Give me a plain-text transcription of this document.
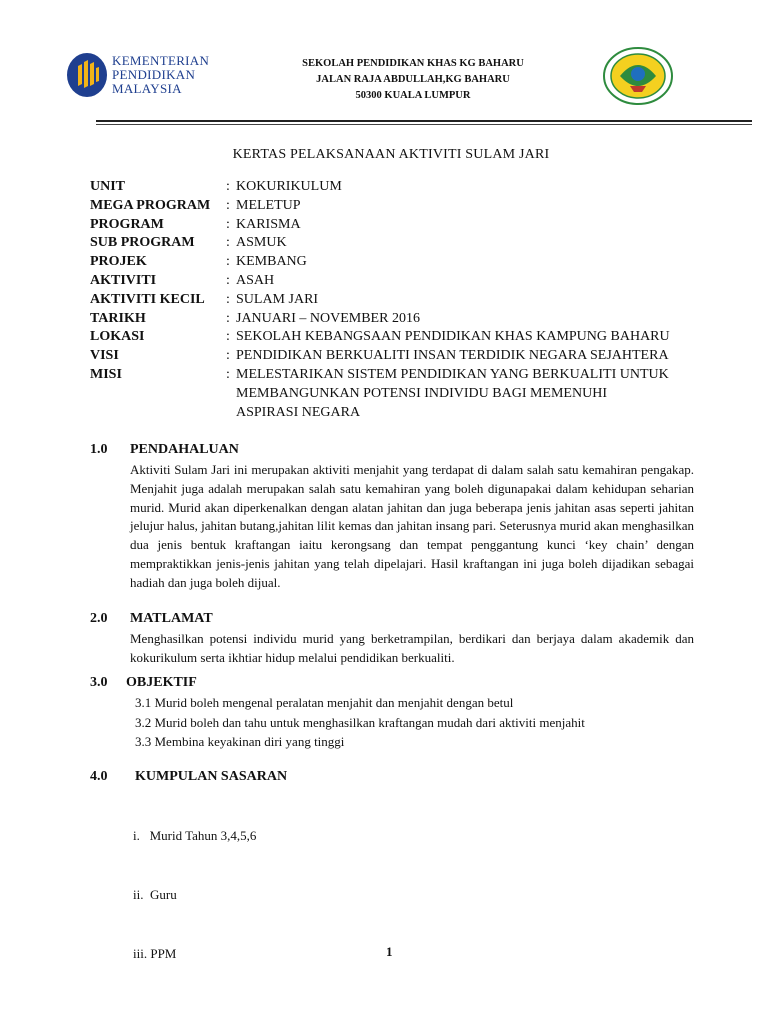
KEMENTERIAN
PENDIDIKAN
MALAYSIA
SEKOLAH PENDIDIKAN KHAS KG BAHARU
JALAN RAJA ABDULLAH,KG BAHARU
50300 KUALA LUMPUR
KERTAS PELAKSANAAN AKTIVITI SULAM JARI
UNIT	: KOKURIKULUM
MEGA PROGRAM	: MELETUP
PROGRAM	: KARISMA
SUB PROGRAM	: ASMUK
PROJEK	: KEMBANG
AKTIVITI	: ASAH
AKTIVITI KECIL	: SULAM JARI
TARIKH	: JANUARI – NOVEMBER 2016
LOKASI	: SEKOLAH KEBANGSAAN PENDIDIKAN KHAS KAMPUNG BAHARU
VISI	: PENDIDIKAN BERKUALITI INSAN TERDIDIK NEGARA SEJAHTERA
MISI	: MELESTARIKAN SISTEM PENDIDIKAN YANG BERKUALITI UNTUK MEMBANGUNKAN POTENSI INDIVIDU BAGI MEMENUHI ASPIRASI NEGARA
1.0 PENDAHALUAN
Aktiviti Sulam Jari ini merupakan aktiviti menjahit yang terdapat di dalam salah satu kemahiran pengakap. Menjahit juga adalah merupakan salah satu kemahiran yang boleh digunapakai dalam kehidupan seharian murid. Murid akan diperkenalkan dengan alatan jahitan dan juga beberapa jenis jahitan asas seperti jahitan jelujur halus, jahitan butang,jahitan lilit kemas dan jahitan insang pari. Seterusnya murid akan menghasilkan dua jenis bentuk kraftangan iaitu kerongsang dan tempat penggantung kunci ‘key chain’ dengan mempraktikkan jenis-jenis jahitan yang telah dipelajari. Hasil kraftangan ini juga boleh dijadikan sebagai hadiah dan juga boleh dijual.
2.0 MATLAMAT
Menghasilkan potensi individu murid yang berketrampilan, berdikari dan berjaya dalam akademik dan kokurikulum serta ikhtiar hidup melalui pendidikan berkualiti.
3.0 OBJEKTIF
3.1 Murid boleh mengenal peralatan menjahit dan menjahit dengan betul
3.2 Murid boleh dan tahu untuk menghasilkan kraftangan mudah dari aktiviti menjahit
3.3 Membina keyakinan diri yang tinggi
4.0 KUMPULAN SASARAN

i.   Murid Tahun 3,4,5,6

ii.  Guru

iii. PPM	1
